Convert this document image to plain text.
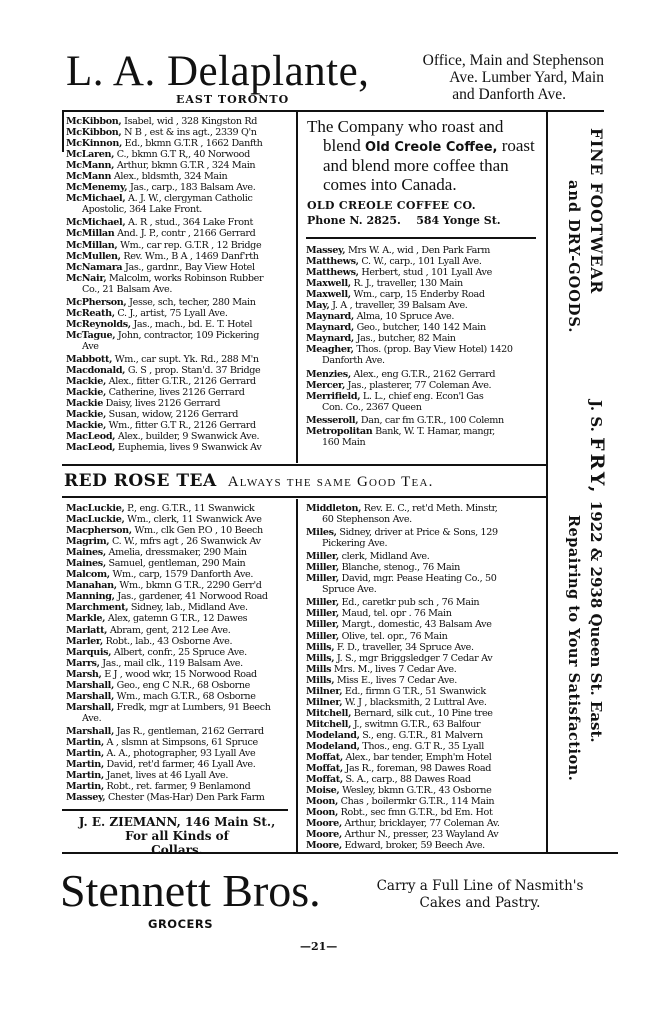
L. A. Delaplante,
EAST TORONTO
Office, Main and Stephenson
Ave. Lumber Yard, Main
and Danforth Ave.
McKibbon, Isabel, wid , 328 Kingston Rd
McKibbon, N B , est & ins agt., 2339 Q'n
McKinnon, Ed., bkmn G.T.R , 1662 Danfth
McLaren, C., bkmn G.T R,, 40 Norwood
McMann, Arthur, bkmn G.T.R , 324 Main
McMann Alex., bldsmth, 324 Main
McMenemy, Jas., carp., 183 Balsam Ave.
McMichael, A. J. W., clergyman Catholic
Apostolic, 364 Lake Front.
McMichael, A. R , stud., 364 Lake Front
McMillan And. J. P., contr , 2166 Gerrard
McMillan, Wm., car rep. G.T.R , 12 Bridge
McMullen, Rev. Wm., B A , 1469 Danf'rth
McNamara Jas., gardnr., Bay View Hotel
McNair, Malcolm, works Robinson Rubber
Co., 21 Balsam Ave.
McPherson, Jesse, sch, techer, 280 Main
McReath, C. J., artist, 75 Lyall Ave.
McReynolds, Jas., mach., bd. E. T. Hotel
McTague, John, contractor, 109 Pickering
Ave
Mabbott, Wm., car supt. Yk. Rd., 288 M'n
Macdonald, G. S , prop. Stan'd. 37 Bridge
Mackie, Alex., fitter G.T.R., 2126 Gerrard
Mackie, Catherine, lives 2126 Gerrard
Mackie Daisy, lives 2126 Gerrard
Mackie, Susan, widow, 2126 Gerrard
Mackie, Wm., fitter G.T R., 2126 Gerrard
MacLeod, Alex., builder, 9 Swanwick Ave.
MacLeod, Euphemia, lives 9 Swanwick Av
The Company who roast and
blend Old Creole Coffee, roast
and blend more coffee than
comes into Canada.
OLD CREOLE COFFEE CO.
Phone N. 2825. 584 Yonge St.
Massey, Mrs W. A., wid , Den Park Farm
Matthews, C. W., carp., 101 Lyall Ave.
Matthews, Herbert, stud , 101 Lyall Ave
Maxwell, R. J., traveller, 130 Main
Maxwell, Wm., carp, 15 Enderby Road
May, J. A , traveller, 39 Balsam Ave.
Maynard, Alma, 10 Spruce Ave.
Maynard, Geo., butcher, 140 142 Main
Maynard, Jas., butcher, 82 Main
Meagher, Thos. (prop. Bay View Hotel) 1420
Danforth Ave.
Menzies, Alex., eng G.T.R., 2162 Gerrard
Mercer, Jas., plasterer, 77 Coleman Ave.
Merrifield, L. L., chief eng. Econ'l Gas
Con. Co., 2367 Queen
Messeroll, Dan, car fm G.T.R., 100 Colemn
Metropolitan Bank, W. T. Hamar, mangr,
160 Main
RED ROSE TEA Always the same Good Tea.
MacLuckie, P., eng. G.T.R., 11 Swanwick
MacLuckie, Wm., clerk, 11 Swanwick Ave
Macpherson, Wm., clk Gen P.O , 10 Beech
Magrim, C. W., mfrs agt , 26 Swanwick Av
Maines, Amelia, dressmaker, 290 Main
Maines, Samuel, gentleman, 290 Main
Malcom, Wm., carp, 1579 Danforth Ave.
Manahan, Wm., bkmn G T.R., 2290 Gerr'd
Manning, Jas., gardener, 41 Norwood Road
Marchment, Sidney, lab., Midland Ave.
Markle, Alex, gatemn G T.R., 12 Dawes
Marlatt, Abram, gent, 212 Lee Ave.
Marler, Robt., lab., 43 Osborne Ave.
Marquis, Albert, confr., 25 Spruce Ave.
Marrs, Jas., mail clk., 119 Balsam Ave.
Marsh, E J , wood wkr, 15 Norwood Road
Marshall, Geo., eng C N.R., 68 Osborne
Marshall, Wm., mach G.T.R., 68 Osborne
Marshall, Fredk, mgr at Lumbers, 91 Beech
Ave.
Marshall, Jas R., gentleman, 2162 Gerrard
Martin, A , slsmn at Simpsons, 61 Spruce
Martin, A. A., photographer, 93 Lyall Ave
Martin, David, ret'd farmer, 46 Lyall Ave.
Martin, Janet, lives at 46 Lyall Ave.
Martin, Robt., ret. farmer, 9 Benlamond
Massey, Chester (Mas-Har) Den Park Farm
J. E. ZIEMANN, 146 Main St.,
For all Kinds of
Collars.
Middleton, Rev. E. C., ret'd Meth. Minstr,
60 Stephenson Ave.
Miles, Sidney, driver at Price & Sons, 129
Pickering Ave.
Miller, clerk, Midland Ave.
Miller, Blanche, stenog., 76 Main
Miller, David, mgr. Pease Heating Co., 50
Spruce Ave.
Miller, Ed., caretkr pub sch , 76 Main
Miller, Maud, tel. opr . 76 Main
Miller, Margt., domestic, 43 Balsam Ave
Miller, Olive, tel. opr., 76 Main
Mills, F. D., traveller, 34 Spruce Ave.
Mills, J. S., mgr Briggsledger 7 Cedar Av
Mills Mrs. M., lives 7 Cedar Ave.
Mills, Miss E., lives 7 Cedar Ave.
Milner, Ed., firmn G T.R., 51 Swanwick
Milner, W. J , blacksmith, 2 Luttral Ave.
Mitchell, Bernard, silk cut., 10 Pine tree
Mitchell, J., switmn G.T.R., 63 Balfour
Modeland, S., eng. G.T.R., 81 Malvern
Modeland, Thos., eng. G.T R., 35 Lyall
Moffat, Alex., bar tender, Emph'm Hotel
Moffat, Jas R., foreman, 98 Dawes Road
Moffat, S. A., carp., 88 Dawes Road
Moise, Wesley, bkmn G.T.R., 43 Osborne
Moon, Chas , boilermkr G.T.R., 114 Main
Moon, Robt., sec fmn G.T.R., bd Em. Hot
Moore, Arthur, bricklayer, 77 Coleman Av.
Moore, Arthur N., presser, 23 Wayland Av
Moore, Edward, broker, 59 Beech Ave.
FINE FOOTWEAR
and DRY-GOODS.
J. S. FRY, 1922 & 2938 Queen St. East.
Repairing to Your Satisfaction.
Stennett Bros.
GROCERS
Carry a Full Line of Nasmith's
Cakes and Pastry.
—21—
